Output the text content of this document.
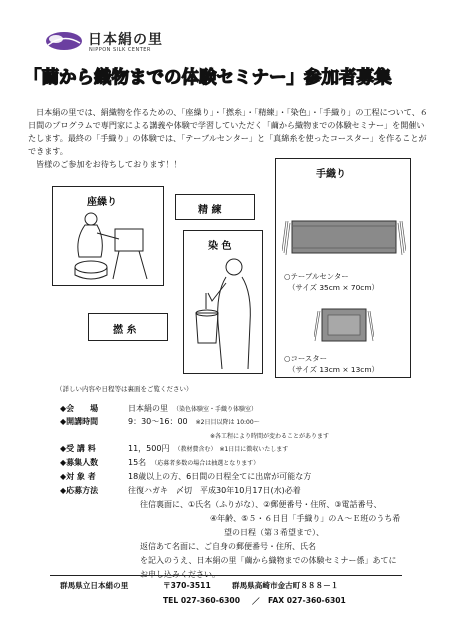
日本絹の里
NIPPON SILK CENTER
「繭から織物までの体験セミナー」参加者募集

日本絹の里では、絹織物を作るための、「座繰り」・「撚糸」・「精練」・「染色」・「手織り」の工程について、６日間のプログラムで専門家による講義や体験で学習していただく「繭から織物までの体験セミナー」を開催いたします。最終の「手織り」の体験では、「テーブルセンター」と「真綿糸を使ったコースター」を作ることができます。

皆様のご参加をお待ちしております！！

座繰り
精 練
手織り
○テーブルセンター
（サイズ 35cm × 70cm）
○コースター
（サイズ 13cm × 13cm）
染 色
撚 糸
（詳しい内容や日程等は裏面をご覧ください）
◆会　　場	日本絹の里　 （染色体験室・手織り体験室）
◆開講時間	9：30～16：00　 ※2日目以降は 10:00～
※各工程により時間が変わることがあります
◆受 講 料	11，500円　 （教材費含む）　※1日目に徴収いたします
◆募集人数	15名　 （応募者多数の場合は抽選となります）
◆対 象 者	18歳以上の方、6日間の日程全てに出席が可能な方
◆応募方法	往復ハガキ　〆切　平成30年10月17日(水)必着
往信裏面に、①氏名（ふりがな）、②郵便番号・住所、③電話番号、
④年齢、⑤５・６日目「手織り」のＡ～Ｅ班のうち希
望の日程（第３希望まで）、
返信あて名面に、ご自身の郵便番号・住所、氏名
を記入のうえ、日本絹の里「繭から織物までの体験セミナー係」あてに
お申し込みください。
群馬県立日本絹の里	〒370-3511	群馬県高崎市金古町８８８－１
TEL 027-360-6300 ／ FAX 027-360-6301
